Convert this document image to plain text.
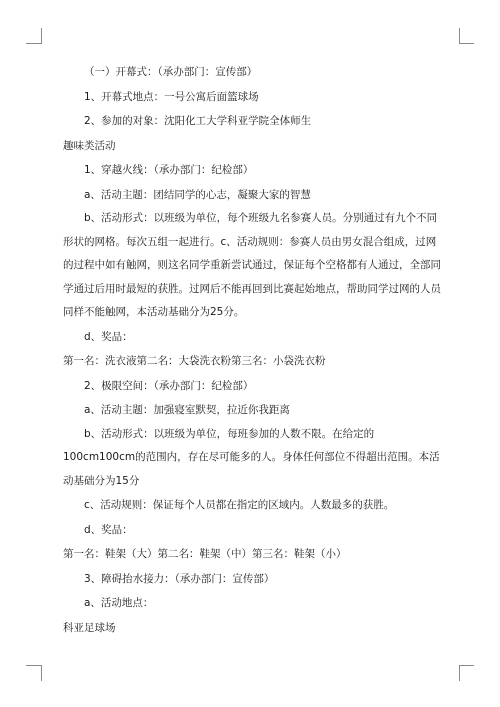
（一）开幕式：（承办部门：宣传部）

1、开幕式地点：一号公寓后面篮球场

2、参加的对象：沈阳化工大学科亚学院全体师生

趣味类活动

1、穿越火线：（承办部门：纪检部）

a、活动主题：团结同学的心志，凝聚大家的智慧

b、活动形式：以班级为单位，每个班级九名参赛人员。分别通过有九个不同形状的网格。每次五组一起进行。c、活动规则：参赛人员由男女混合组成，过网的过程中如有触网，则这名同学重新尝试通过，保证每个空格都有人通过，全部同学通过后用时最短的获胜。过网后不能再回到比赛起始地点，帮助同学过网的人员同样不能触网，本活动基础分为25分。

d、奖品：

第一名：洗衣液第二名：大袋洗衣粉第三名：小袋洗衣粉

2、极限空间：（承办部门：纪检部）

a、活动主题：加强寝室默契，拉近你我距离

b、活动形式：以班级为单位，每班参加的人数不限。在给定的100cm100cm的范围内，存在尽可能多的人。身体任何部位不得超出范围。本活动基础分为15分

c、活动规则：保证每个人员都在指定的区域内。人数最多的获胜。

d、奖品：

第一名：鞋架（大）第二名：鞋架（中）第三名：鞋架（小）

3、障碍抬水接力：（承办部门：宣传部）

a、活动地点：

科亚足球场
